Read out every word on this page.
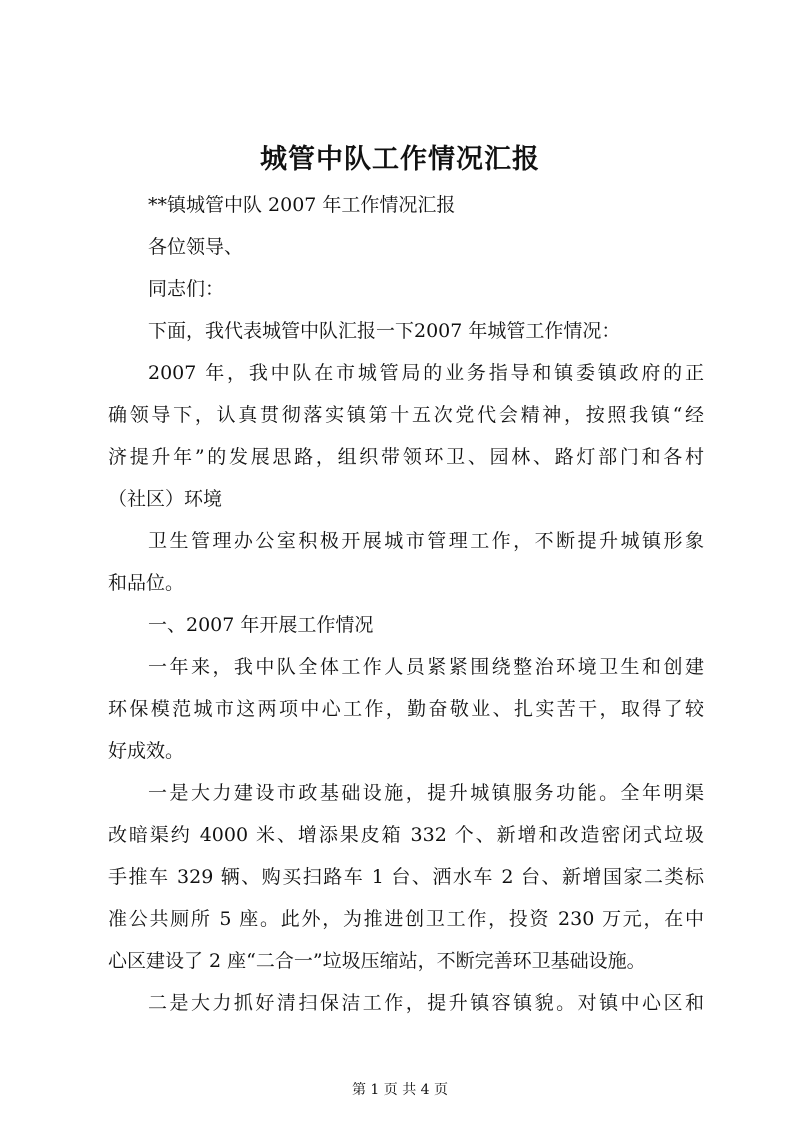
城管中队工作情况汇报
**镇城管中队 2007 年工作情况汇报
各位领导、
同志们：
下面，我代表城管中队汇报一下2007 年城管工作情况：
2007 年，我中队在市城管局的业务指导和镇委镇政府的正
确领导下，认真贯彻落实镇第十五次党代会精神，按照我镇“经
济提升年”的发展思路，组织带领环卫、园林、路灯部门和各村
（社区）环境
卫生管理办公室积极开展城市管理工作，不断提升城镇形象
和品位。
一、2007 年开展工作情况
一年来，我中队全体工作人员紧紧围绕整治环境卫生和创建
环保模范城市这两项中心工作，勤奋敬业、扎实苦干，取得了较
好成效。
一是大力建设市政基础设施，提升城镇服务功能。全年明渠
改暗渠约 4000 米、增添果皮箱 332 个、新增和改造密闭式垃圾
手推车 329 辆、购买扫路车 1 台、洒水车 2 台、新增国家二类标
准公共厕所 5 座。此外，为推进创卫工作，投资 230 万元，在中
心区建设了 2 座“二合一”垃圾压缩站，不断完善环卫基础设施。
二是大力抓好清扫保洁工作，提升镇容镇貌。对镇中心区和
第 1 页 共 4 页
